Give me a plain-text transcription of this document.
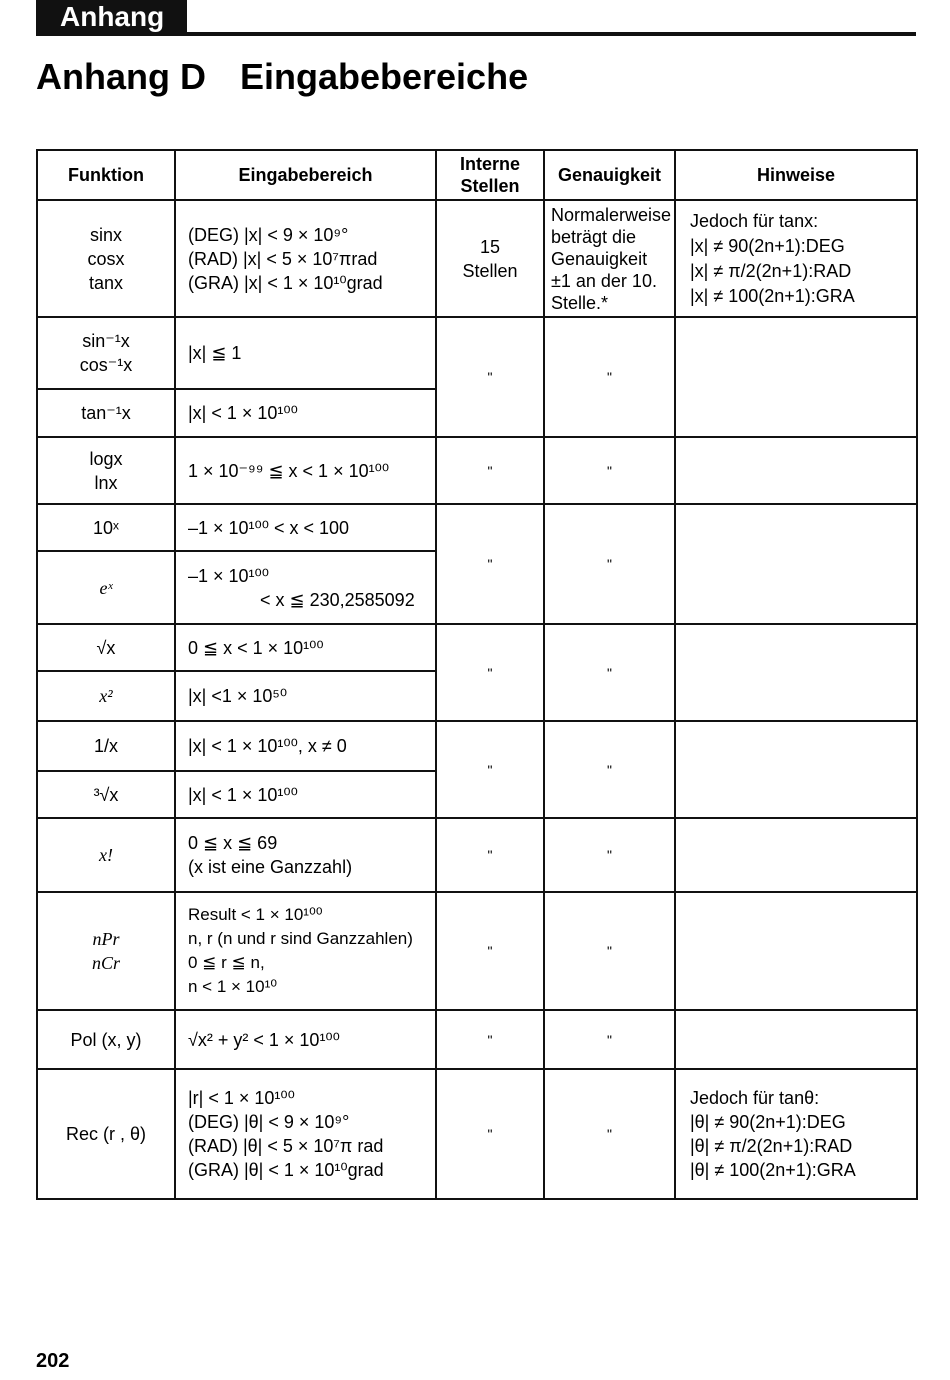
Anhang
Anhang D Eingabebereiche
Funktion	Eingabebereich	Interne
Stellen	Genauigkeit	Hinweise
sinx
cosx
tanx	(DEG) |x| < 9 × 10⁹°
(RAD) |x| < 5 × 10⁷πrad
(GRA) |x| < 1 × 10¹⁰grad	15
Stellen	Normalerweise
beträgt die
Genauigkeit
±1 an der 10.
Stelle.*	Jedoch für tanx:
|x| ≠ 90(2n+1):DEG
|x| ≠ π/2(2n+1):RAD
|x| ≠ 100(2n+1):GRA
sin⁻¹x
cos⁻¹x	|x| ≦ 1	"	"	
tan⁻¹x	|x| < 1 × 10¹⁰⁰			
logx
lnx	1 × 10⁻⁹⁹ ≦ x < 1 × 10¹⁰⁰	"	"	
10ˣ	–1 × 10¹⁰⁰ < x < 100	"	"	
eˣ	–1 × 10¹⁰⁰
< x ≦ 230,2585092			

√x	0 ≦ x < 1 × 10¹⁰⁰	"	"	
x²	|x| <1 × 10⁵⁰			
1/x	|x| < 1 × 10¹⁰⁰, x ≠ 0	"	"	
³√x	|x| < 1 × 10¹⁰⁰			
x!	0 ≦ x ≦ 69
(x ist eine Ganzzahl)	"	"	
nPr
nCr	Result < 1 × 10¹⁰⁰
n, r (n und r sind Ganzzahlen)
0 ≦ r ≦ n,
n < 1 × 10¹⁰	"	"	
Pol (x, y)	√x² + y² < 1 × 10¹⁰⁰	"	"	
Rec (r , θ)	|r| < 1 × 10¹⁰⁰
(DEG) |θ| < 9 × 10⁹°
(RAD) |θ| < 5 × 10⁷π rad
(GRA) |θ| < 1 × 10¹⁰grad	"	"	Jedoch für tanθ:
|θ| ≠ 90(2n+1):DEG
|θ| ≠ π/2(2n+1):RAD
|θ| ≠ 100(2n+1):GRA
202
